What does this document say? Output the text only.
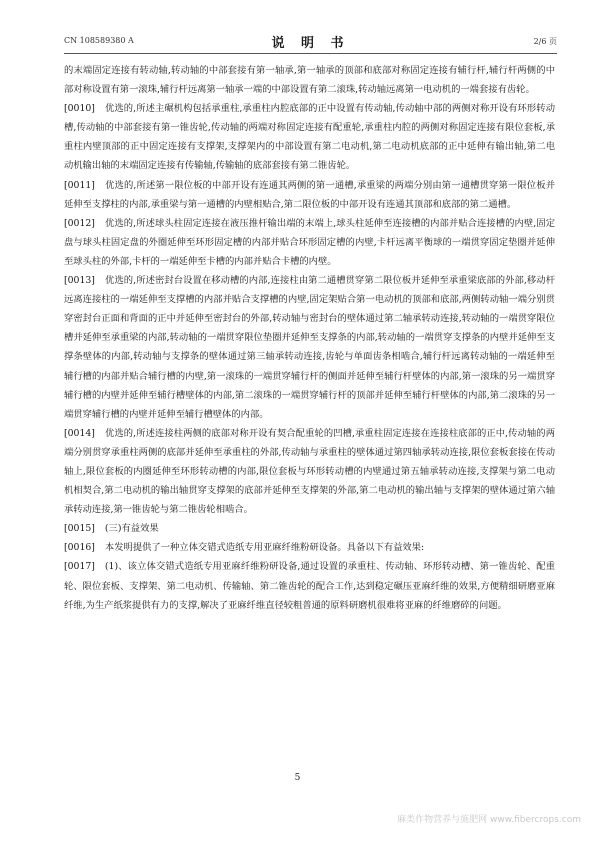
CN 108589380 A	说 明 书	2/6 页

的末端固定连接有转动轴,转动轴的中部套接有第一轴承,第一轴承的顶部和底部对称固定连接有辅行杆,辅行杆两侧的中部对称设置有第一滚珠,辅行杆远离第一轴承一端的中部设置有第二滚珠,转动轴远离第一电动机的一端套接有齿轮。

[0010] 优选的,所述主碾机构包括承重柱,承重柱内腔底部的正中设置有传动轴,传动轴中部的两侧对称开设有环形转动槽,传动轴的中部套接有第一锥齿轮,传动轴的两端对称固定连接有配重轮,承重柱内腔的两侧对称固定连接有限位套板,承重柱内壁顶部的正中固定连接有支撑架,支撑架内的中部设置有第二电动机,第二电动机底部的正中延伸有输出轴,第二电动机输出轴的末端固定连接有传输轴,传输轴的底部套接有第二锥齿轮。

[0011] 优选的,所述第一限位板的中部开设有连通其两侧的第一通槽,承重梁的两端分别由第一通槽贯穿第一限位板并延伸至支撑柱的内部,承重梁与第一通槽的内壁相贴合,第二限位板的中部开设有连通其顶部和底部的第二通槽。

[0012] 优选的,所述球头柱固定连接在液压推杆输出端的末端上,球头柱延伸至连接槽的内部并贴合连接槽的内壁,固定盘与球头柱固定盘的外圈延伸至环形固定槽的内部并贴合环形固定槽的内壁,卡杆远离平衡球的一端贯穿固定垫圈并延伸至球头柱的外部,卡杆的一端延伸至卡槽的内部并贴合卡槽的内壁。

[0013] 优选的,所述密封台设置在移动槽的内部,连接柱由第二通槽贯穿第二限位板并延伸至承重梁底部的外部,移动杆远离连接柱的一端延伸至支撑槽的内部并贴合支撑槽的内壁,固定架贴合第一电动机的顶部和底部,两侧转动轴一端分别贯穿密封台正面和背面的正中并延伸至密封台的外部,转动轴与密封台的壁体通过第二轴承转动连接,转动轴的一端贯穿限位槽并延伸至承重梁的内部,转动轴的一端贯穿限位垫圈并延伸至支撑条的内部,转动轴的一端贯穿支撑条的内壁并延伸至支撑条壁体的内部,转动轴与支撑条的壁体通过第三轴承转动连接,齿轮与单面齿条相啮合,辅行杆远离转动轴的一端延伸至辅行槽的内部并贴合辅行槽的内壁,第一滚珠的一端贯穿辅行杆的侧面并延伸至辅行杆壁体的内部,第一滚珠的另一端贯穿辅行槽的内壁并延伸至辅行槽壁体的内部,第二滚珠的一端贯穿辅行杆的顶部并延伸至辅行杆壁体的内部,第二滚珠的另一端贯穿辅行槽的内壁并延伸至辅行槽壁体的内部。

[0014] 优选的,所述连接柱两侧的底部对称开设有契合配重轮的凹槽,承重柱固定连接在连接柱底部的正中,传动轴的两端分别贯穿承重柱两侧的底部并延伸至承重柱的外部,传动轴与承重柱的壁体通过第四轴承转动连接,限位套板套接在传动轴上,限位套板的内圈延伸至环形转动槽的内部,限位套板与环形转动槽的内壁通过第五轴承转动连接,支撑架与第二电动机相契合,第二电动机的输出轴贯穿支撑架的底部并延伸至支撑架的外部,第二电动机的输出轴与支撑架的壁体通过第六轴承转动连接,第一锥齿轮与第二锥齿轮相啮合。

[0015] (三)有益效果

[0016] 本发明提供了一种立体交错式造纸专用亚麻纤维粉研设备。具备以下有益效果:

[0017] (1)、该立体交错式造纸专用亚麻纤维粉研设备,通过设置的承重柱、传动轴、环形转动槽、第一锥齿轮、配重轮、限位套板、支撑架、第二电动机、传输轴、第二锥齿轮的配合工作,达到稳定碾压亚麻纤维的效果,方便精细研磨亚麻纤维,为生产纸浆提供有力的支撑,解决了亚麻纤维直径较粗普通的原料研磨机很难将亚麻的纤维磨碎的问题。

5
麻类作物营养与施肥网 www.fibercrops.com
